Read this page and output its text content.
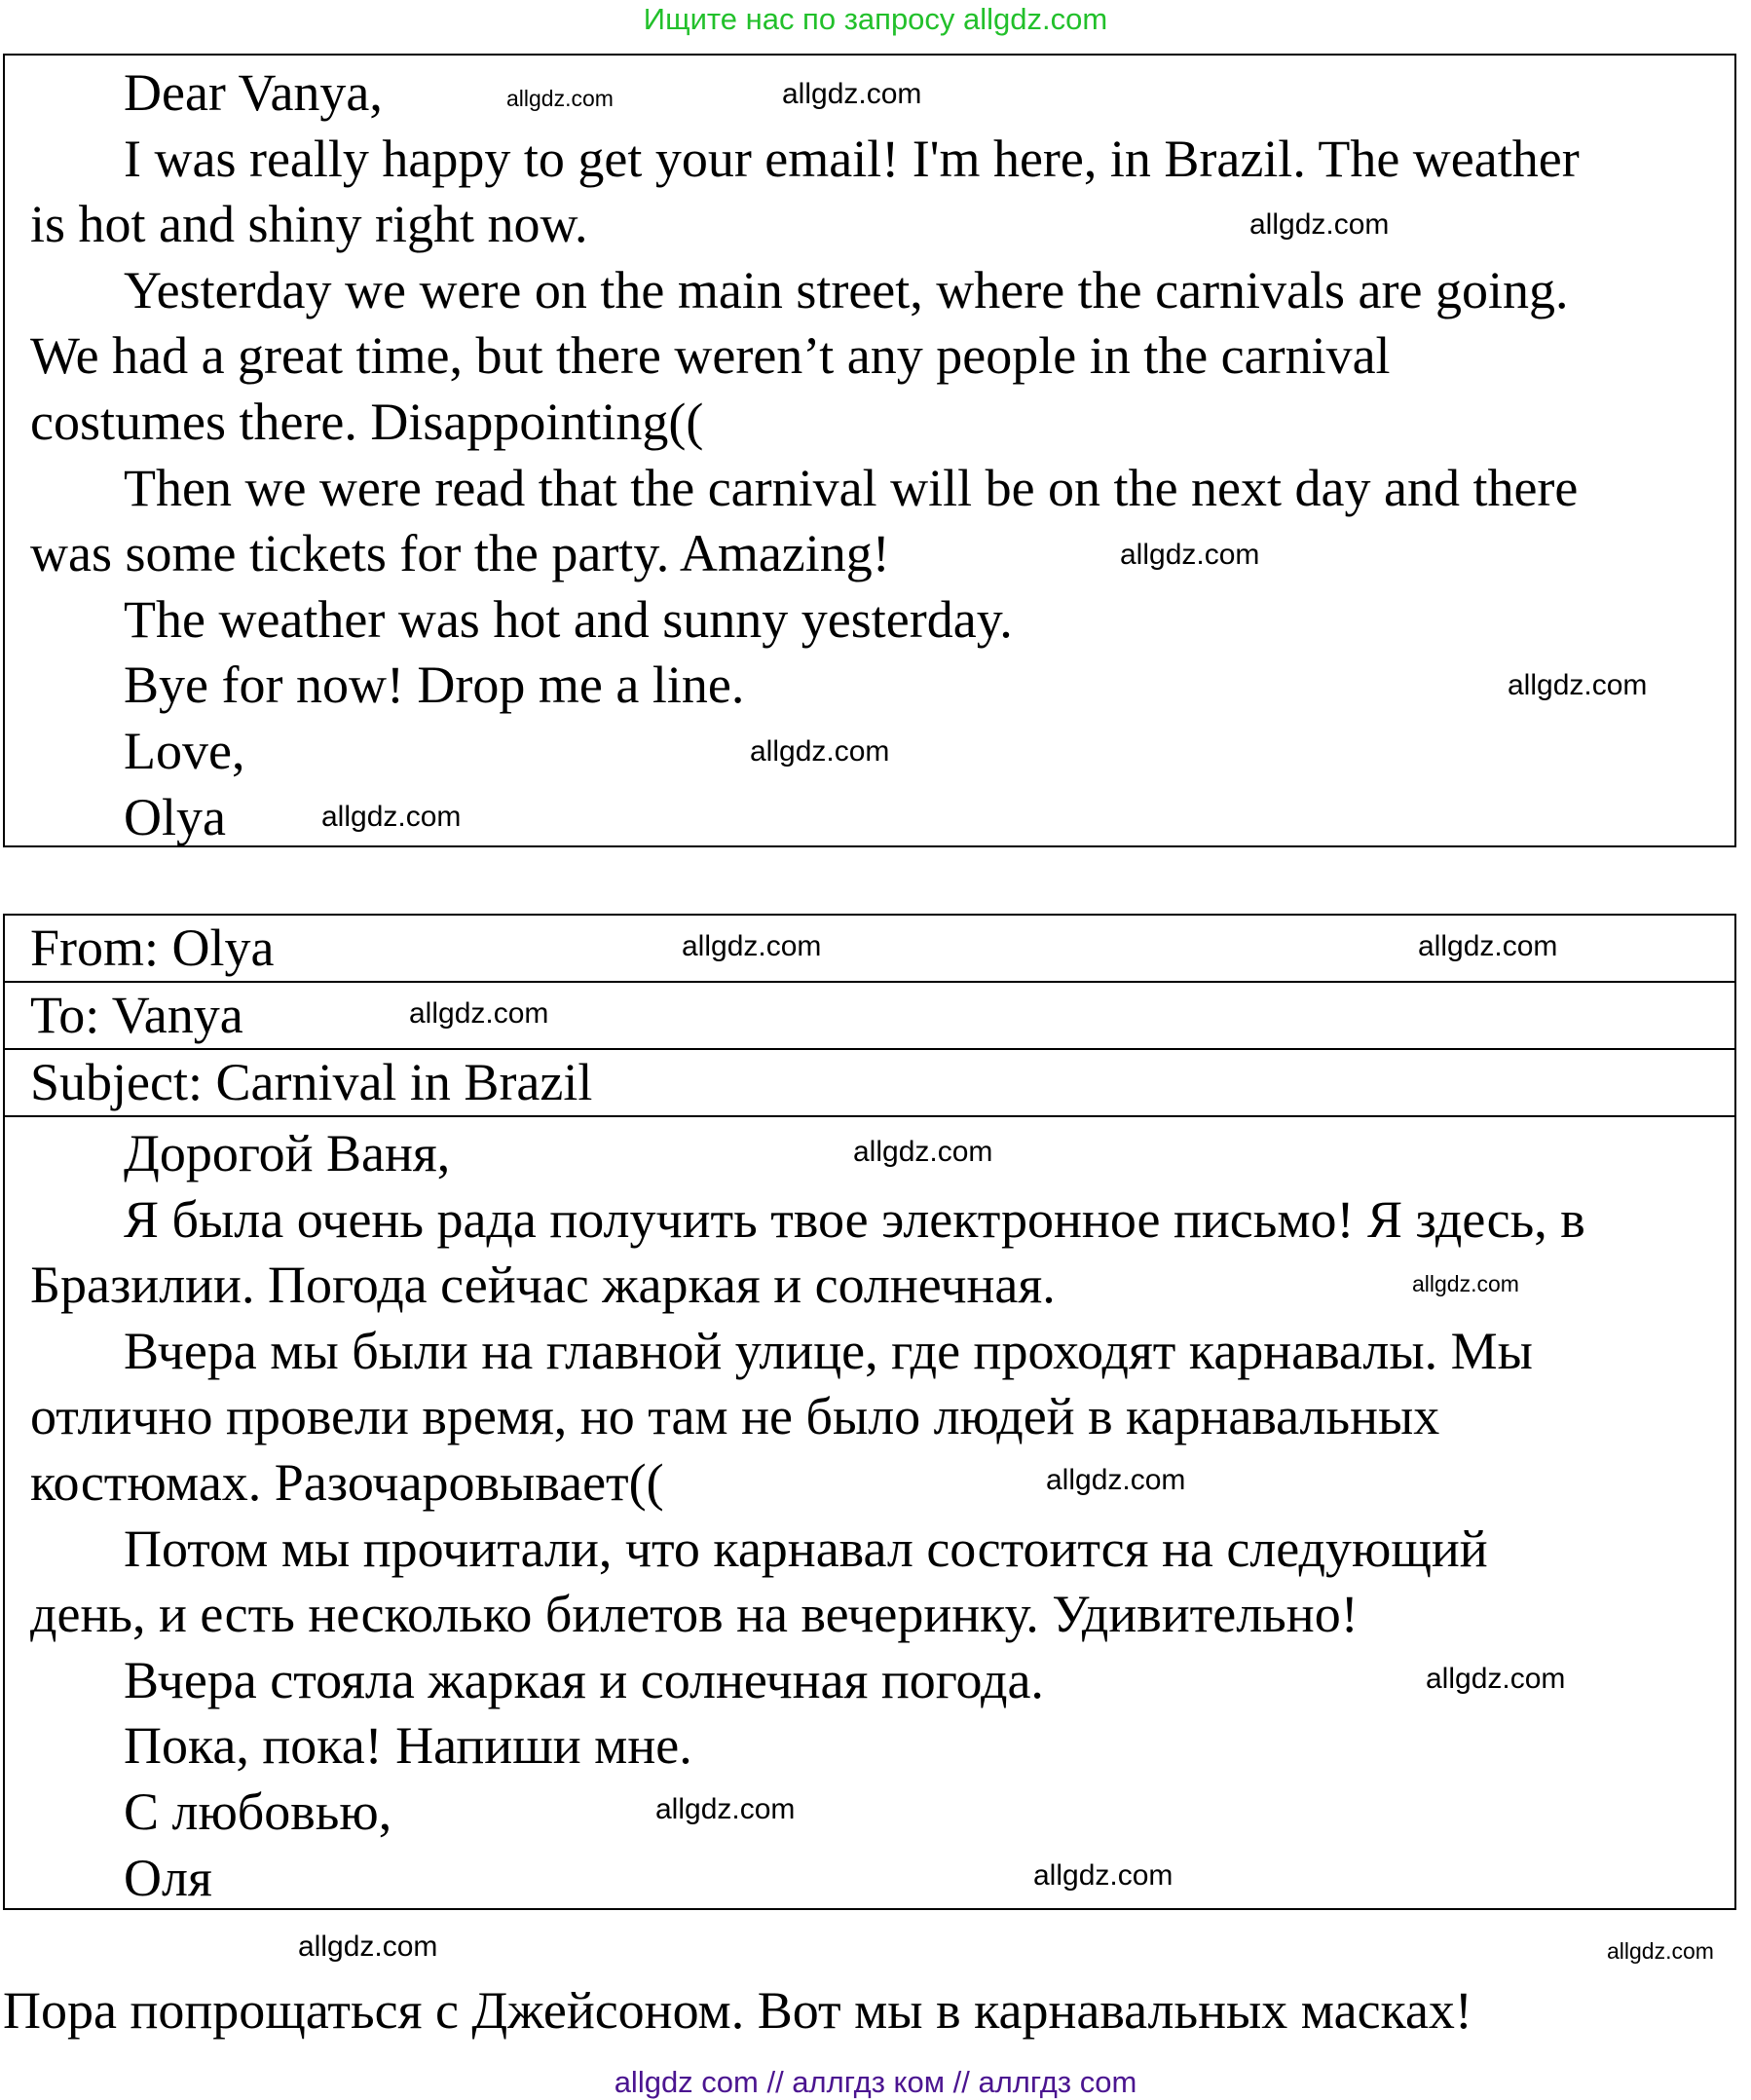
Ищите нас по запросу allgdz.com
Dear Vanya,
I was really happy to get your email! I'm here, in Brazil. The weather
is hot and shiny right now.
Yesterday we were on the main street, where the carnivals are going.
We had a great time, but there weren’t any people in the carnival
costumes there. Disappointing((
Then we were read that the carnival will be on the next day and there
was some tickets for the party. Amazing!
The weather was hot and sunny yesterday.
Bye for now! Drop me a line.
Love,
Olya
From: Olya
To: Vanya
Subject: Carnival in Brazil
Дорогой Ваня,
Я была очень рада получить твое электронное письмо! Я здесь, в
Бразилии. Погода сейчас жаркая и солнечная.
Вчера мы были на главной улице, где проходят карнавалы. Мы
отлично провели время, но там не было людей в карнавальных
костюмах. Разочаровывает((
Потом мы прочитали, что карнавал состоится на следующий
день, и есть несколько билетов на вечеринку. Удивительно!
Вчера стояла жаркая и солнечная погода.
Пока, пока! Напиши мне.
С любовью,
Оля
Пора попрощаться с Джейсоном. Вот мы в карнавальных масках!
allgdz com // аллгдз ком // аллгдз com
allgdz.com
allgdz.com
allgdz.com
allgdz.com
allgdz.com
allgdz.com
allgdz.com
allgdz.com
allgdz.com
allgdz.com
allgdz.com
allgdz.com
allgdz.com
allgdz.com
allgdz.com
allgdz.com
allgdz.com	allgdz.com
